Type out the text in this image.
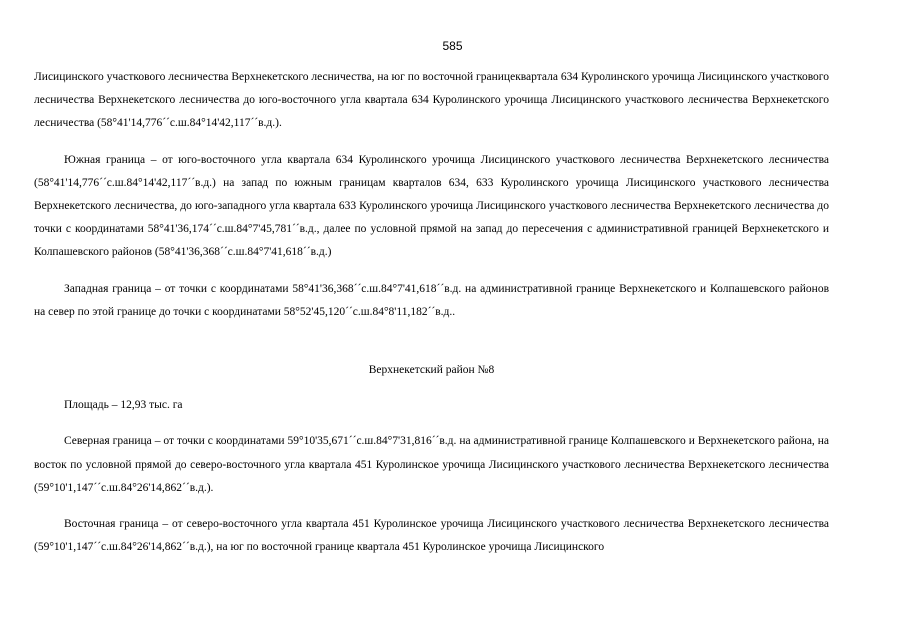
585

Лисицинского участкового лесничества Верхнекетского лесничества, на юг по восточной границеквартала 634 Куролинского урочища Лисицинского участкового лесничества Верхнекетского лесничества до юго-восточного угла квартала 634 Куролинского урочища Лисицинского участкового лесничества Верхнекетского лесничества (58°41'14,776´´с.ш.84°14'42,117´´в.д.).

Южная граница – от юго-восточного угла квартала 634 Куролинского урочища Лисицинского участкового лесничества Верхнекетского лесничества (58°41'14,776´´с.ш.84°14'42,117´´в.д.) на запад по южным границам кварталов 634, 633 Куролинского урочища Лисицинского участкового лесничества Верхнекетского лесничества, до юго-западного угла квартала 633 Куролинского урочища Лисицинского участкового лесничества Верхнекетского лесничества до точки с координатами 58°41'36,174´´с.ш.84°7'45,781´´в.д., далее по условной прямой на запад до пересечения с административной границей Верхнекетского и Колпашевского районов (58°41'36,368´´с.ш.84°7'41,618´´в.д.)

Западная граница – от точки с координатами 58°41'36,368´´с.ш.84°7'41,618´´в.д. на административной границе Верхнекетского и Колпашевского районов на север по этой границе до точки с координатами 58°52'45,120´´с.ш.84°8'11,182´´в.д..

Верхнекетский район №8
Площадь – 12,93 тыс. га

Северная граница – от точки с координатами 59°10'35,671´´с.ш.84°7'31,816´´в.д. на административной границе Колпашевского и Верхнекетского района, на восток по условной прямой до северо-восточного угла квартала 451 Куролинское урочища Лисицинского участкового лесничества Верхнекетского лесничества (59°10'1,147´´с.ш.84°26'14,862´´в.д.).

Восточная граница – от северо-восточного угла квартала 451 Куролинское урочища Лисицинского участкового лесничества Верхнекетского лесничества (59°10'1,147´´с.ш.84°26'14,862´´в.д.), на юг по восточной границе квартала 451 Куролинское урочища Лисицинского
